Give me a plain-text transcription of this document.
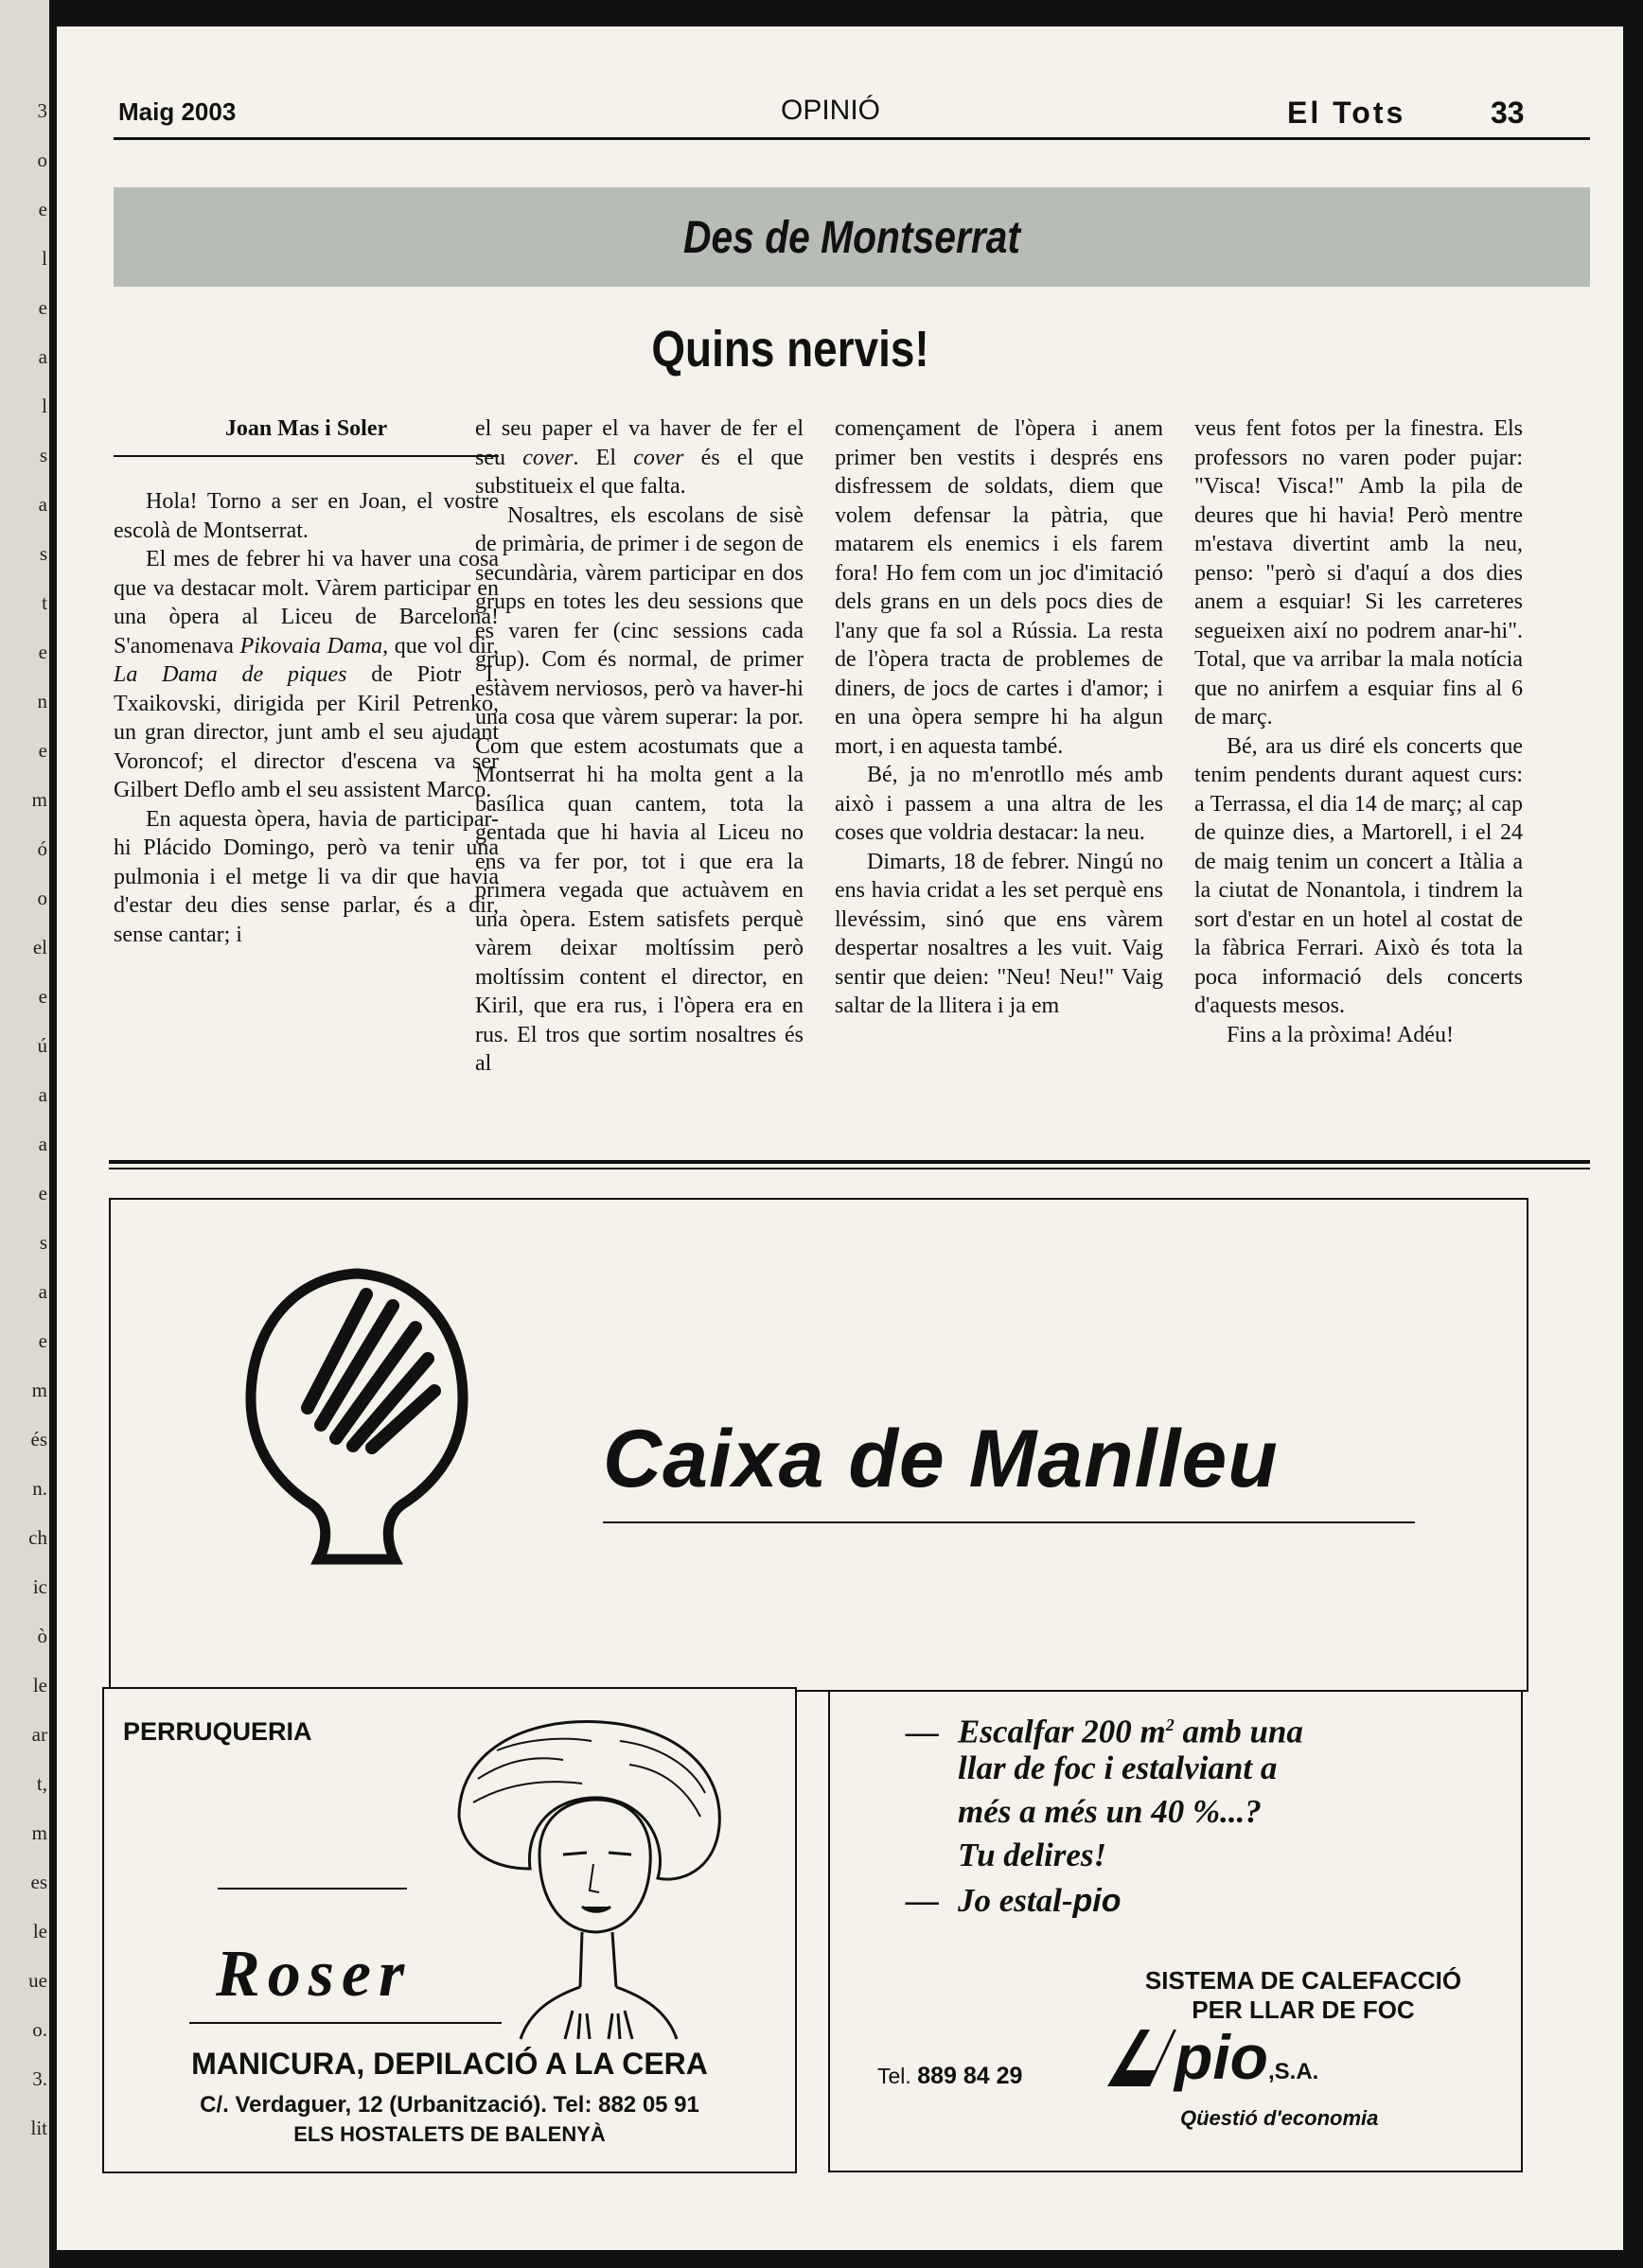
3
o
e
l
e
a
l
s
a
s
t
e
n
e
m
ó
o
el
e
ú
a
a
e
s
a
e
m
és
n.
ch
ic
ò
le
ar
t,
m
es
le
ue
o.
3.
lit
Maig 2003	OPINIÓ	El Tots	33
Des de Montserrat
Quins nervis!
Joan Mas i Soler

Hola! Torno a ser en Joan, el vostre escolà de Montserrat.

El mes de febrer hi va haver una cosa que va destacar molt. Vàrem participar en una òpera al Liceu de Barcelona! S'anomenava Pikovaia Dama, que vol dir, La Dama de piques de Piotr I. Txaikovski, dirigida per Kiril Petrenko, un gran director, junt amb el seu ajudant Voroncof; el director d'escena va ser Gilbert Deflo amb el seu assistent Marco.

En aquesta òpera, havia de participar-hi Plácido Domingo, però va tenir una pulmonia i el metge li va dir que havia d'estar deu dies sense parlar, és a dir, sense cantar; i

el seu paper el va haver de fer el seu cover. El cover és el que substitueix el que falta.

Nosaltres, els escolans de sisè de primària, de primer i de segon de secundària, vàrem participar en dos grups en totes les deu sessions que es varen fer (cinc sessions cada grup). Com és normal, de primer estàvem nerviosos, però va haver-hi una cosa que vàrem superar: la por. Com que estem acostumats que a Montserrat hi ha molta gent a la basílica quan cantem, tota la gentada que hi havia al Liceu no ens va fer por, tot i que era la primera vegada que actuàvem en una òpera. Estem satisfets perquè vàrem deixar moltíssim però moltíssim content el director, en Kiril, que era rus, i l'òpera era en rus. El tros que sortim nosaltres és al

començament de l'òpera i anem primer ben vestits i després ens disfressem de soldats, diem que volem defensar la pàtria, que matarem els enemics i els farem fora! Ho fem com un joc d'imitació dels grans en un dels pocs dies de l'any que fa sol a Rússia. La resta de l'òpera tracta de problemes de diners, de jocs de cartes i d'amor; i en una òpera sempre hi ha algun mort, i en aquesta també.

Bé, ja no m'enrotllo més amb això i passem a una altra de les coses que voldria destacar: la neu.

Dimarts, 18 de febrer. Ningú no ens havia cridat a les set perquè ens llevéssim, sinó que ens vàrem despertar nosaltres a les vuit. Vaig sentir que deien: "Neu! Neu!" Vaig saltar de la llitera i ja em

veus fent fotos per la finestra. Els professors no varen poder pujar: "Visca! Visca!" Amb la pila de deures que hi havia! Però mentre m'estava divertint amb la neu, penso: "però si d'aquí a dos dies anem a esquiar! Si les carreteres segueixen així no podrem anar-hi". Total, que va arribar la mala notícia que no anirfem a esquiar fins al 6 de març.

Bé, ara us diré els concerts que tenim pendents durant aquest curs: a Terrassa, el dia 14 de març; al cap de quinze dies, a Martorell, i el 24 de maig tenim un concert a Itàlia a la ciutat de Nonantola, i tindrem la sort d'estar en un hotel al costat de la fàbrica Ferrari. Això és tota la poca informació dels concerts d'aquests mesos.

Fins a la pròxima! Adéu!

Caixa de Manlleu
PERRUQUERIA
Roser
MANICURA, DEPILACIÓ A LA CERA
C/. Verdaguer, 12 (Urbanització). Tel: 882 05 91
ELS HOSTALETS DE BALENYÀ
— Escalfar 200 $m^2$ amb una
llar de foc i estalviant a
més a més un 40 %...?
Tu delires!
— Jo estal-pio
SISTEMA DE CALEFACCIÓ
PER LLAR DE FOC
Tel. 889 84 29 pio,S.A.
Qüestió d'economia
